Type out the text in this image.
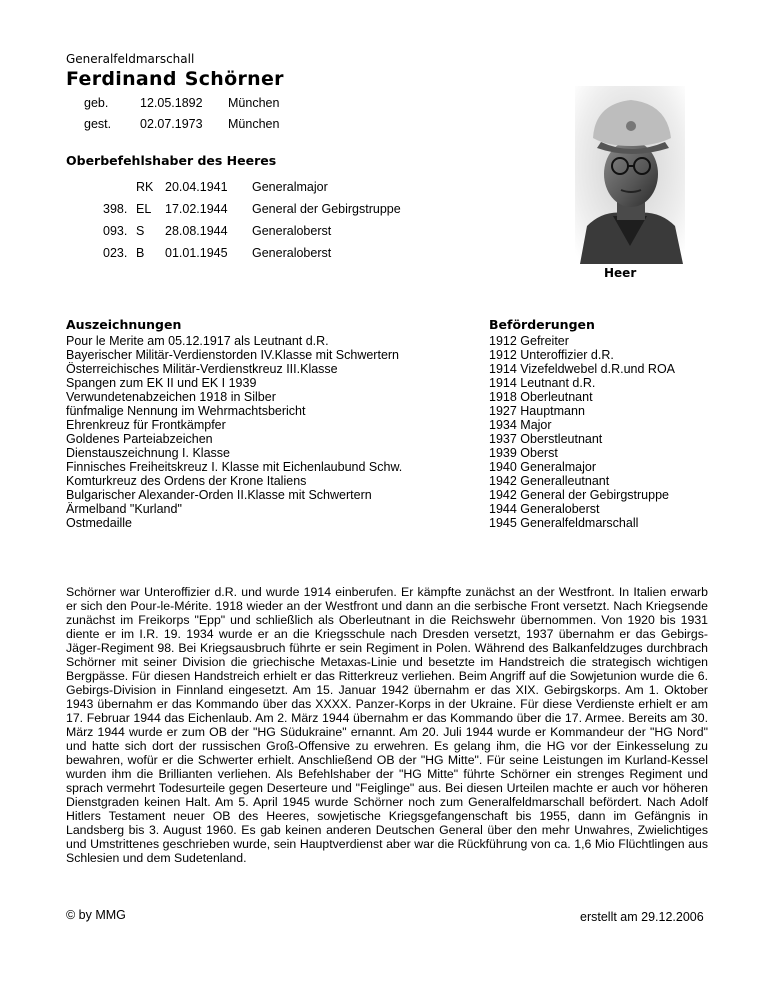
Generalfeldmarschall
Ferdinand Schörner
geb.	12.05.1892	München
gest.	02.07.1973	München
Oberbefehlshaber des Heeres
RK 20.04.1941	Generalmajor
398. EL	17.02.1944	General der Gebirgstruppe
093. S	28.08.1944	Generaloberst
023. B	01.01.1945	Generaloberst
Heer
Auszeichnungen
Pour le Merite am 05.12.1917 als Leutnant d.R.
Bayerischer Militär-Verdienstorden IV.Klasse mit Schwertern
Österreichisches Militär-Verdienstkreuz III.Klasse
Spangen zum EK II und EK I 1939
Verwundetenabzeichen 1918 in Silber
fünfmalige Nennung im Wehrmachtsbericht
Ehrenkreuz für Frontkämpfer
Goldenes Parteiabzeichen
Dienstauszeichnung I. Klasse
Finnisches Freiheitskreuz I. Klasse mit Eichenlaubund Schw.
Komturkreuz des Ordens der Krone Italiens
Bulgarischer Alexander-Orden II.Klasse mit Schwertern
Ärmelband "Kurland"
Ostmedaille
Beförderungen
1912 Gefreiter
1912 Unteroffizier d.R.
1914 Vizefeldwebel d.R.und ROA
1914 Leutnant d.R.
1918 Oberleutnant
1927 Hauptmann
1934 Major
1937 Oberstleutnant
1939 Oberst
1940 Generalmajor
1942 Generalleutnant
1942 General der Gebirgstruppe
1944 Generaloberst
1945 Generalfeldmarschall
Schörner war Unteroffizier d.R. und wurde 1914 einberufen. Er kämpfte zunächst an der Westfront. In Italien erwarb er sich den Pour-le-Mérite. 1918 wieder an der Westfront und dann an die serbische Front versetzt. Nach Kriegsende zunächst im Freikorps "Epp" und schließlich als Oberleutnant in die Reichswehr übernommen. Von 1920 bis 1931 diente er im I.R. 19. 1934 wurde er an die Kriegsschule nach Dresden versetzt, 1937 übernahm er das Gebirgs-Jäger-Regiment 98. Bei Kriegsausbruch führte er sein Regiment in Polen. Während des Balkanfeldzuges durchbrach Schörner mit seiner Division die griechische Metaxas-Linie und besetzte im Handstreich die strategisch wichtigen Bergpässe. Für diesen Handstreich erhielt er das Ritterkreuz verliehen. Beim Angriff auf die Sowjetunion wurde die 6. Gebirgs-Division in Finnland eingesetzt. Am 15. Januar 1942 übernahm er das XIX. Gebirgskorps. Am 1. Oktober 1943 übernahm er das Kommando über das XXXX. Panzer-Korps in der Ukraine. Für diese Verdienste erhielt er am 17. Februar 1944 das Eichenlaub. Am 2. März 1944 übernahm er das Kommando über die 17. Armee. Bereits am 30. März 1944 wurde er zum OB der "HG Südukraine" ernannt. Am 20. Juli 1944 wurde er Kommandeur der "HG Nord" und hatte sich dort der russischen Groß-Offensive zu erwehren. Es gelang ihm, die HG vor der Einkesselung zu bewahren, wofür er die Schwerter erhielt. Anschließend OB der "HG Mitte". Für seine Leistungen im Kurland-Kessel wurden ihm die Brillianten verliehen. Als Befehlshaber der "HG Mitte" führte Schörner ein strenges Regiment und sprach vermehrt Todesurteile gegen Deserteure und "Feiglinge" aus. Bei diesen Urteilen machte er auch vor höheren Dienstgraden keinen Halt. Am 5. April 1945 wurde Schörner noch zum Generalfeldmarschall befördert. Nach Adolf Hitlers Testament neuer OB des Heeres, sowjetische Kriegsgefangenschaft bis 1955, dann im Gefängnis in Landsberg bis 3. August 1960. Es gab keinen anderen Deutschen General über den mehr Unwahres, Zwielichtiges und Umstrittenes geschrieben wurde, sein Hauptverdienst aber war die Rückführung von ca. 1,6 Mio Flüchtlingen aus Schlesien und dem Sudetenland.
© by MMG	erstellt am 29.12.2006
